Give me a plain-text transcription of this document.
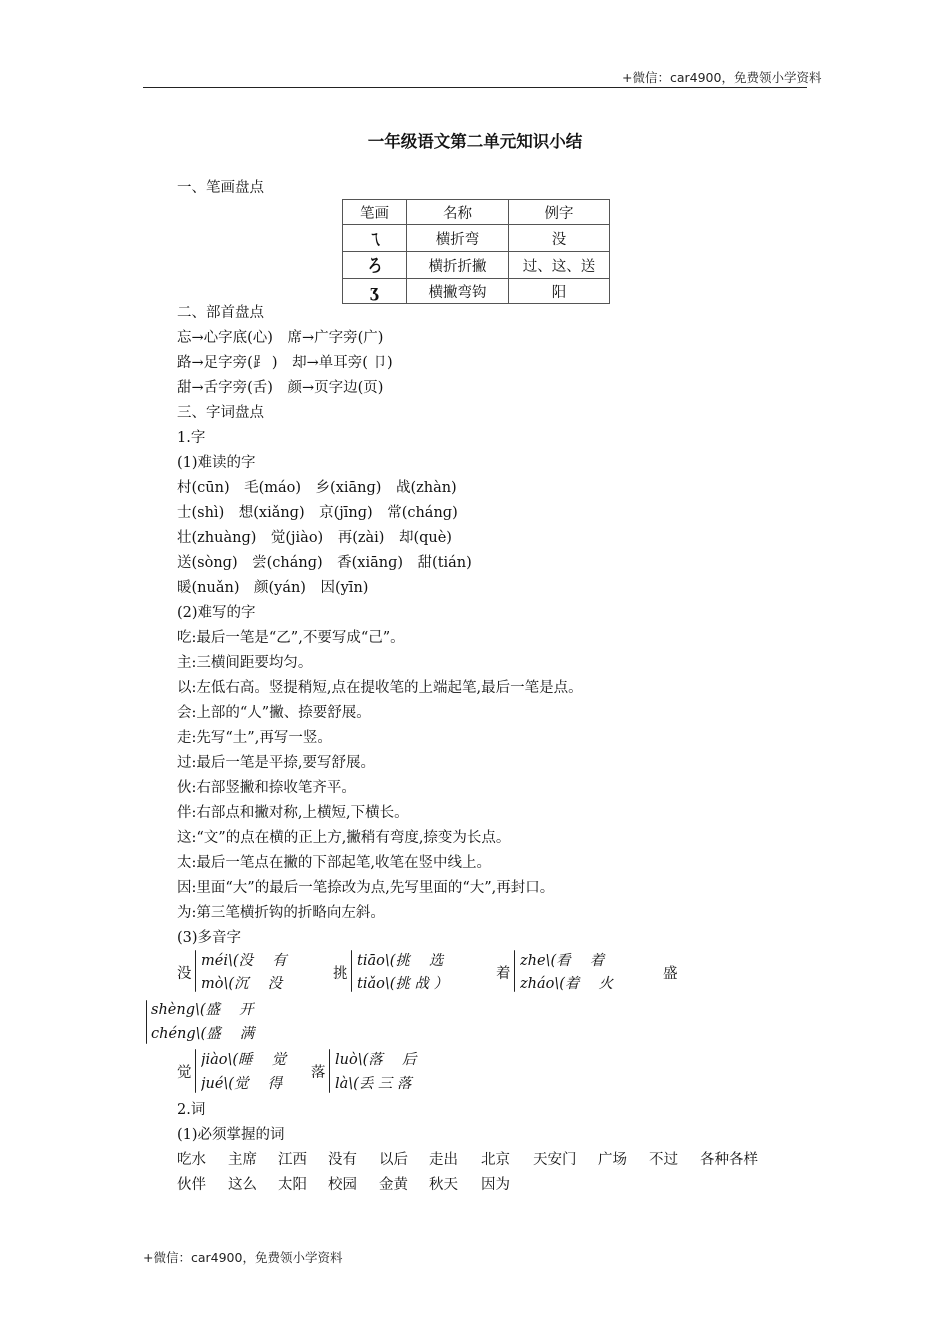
+微信：car4900，免费领小学资料
一年级语文第二单元知识小结
一、笔画盘点
笔画	名称	例字
ㄟ	横折弯	没
ろ	横折折撇	过、这、送
ʒ	横撇弯钩	阳
二、部首盘点
忘→心字底(心)　席→广字旁(广)
路→足字旁(⻊ )　却→单耳旁( 卩)
甜→舌字旁(舌)　颜→页字边(页)
三、字词盘点
1.字
(1)难读的字
村(cūn)　毛(máo)　乡(xiānɡ)　战(zhàn)
士(shì)　想(xiǎnɡ)　京(jīnɡ)　常(chánɡ)
壮(zhuànɡ)　觉(jiào)　再(zài)　却(què)
送(sònɡ)　尝(chánɡ)　香(xiānɡ)　甜(tián)
暖(nuǎn)　颜(yán)　因(yīn)
(2)难写的字
吃:最后一笔是“乙”,不要写成“己”。
主:三横间距要均匀。
以:左低右高。竖提稍短,点在提收笔的上端起笔,最后一笔是点。
会:上部的“人”撇、捺要舒展。
走:先写“土”,再写一竖。
过:最后一笔是平捺,要写舒展。
伙:右部竖撇和捺收笔齐平。
伴:右部点和撇对称,上横短,下横长。
这:“文”的点在横的正上方,撇稍有弯度,捺变为长点。
太:最后一笔点在撇的下部起笔,收笔在竖中线上。
因:里面“大”的最后一笔捺改为点,先写里面的“大”,再封口。
为:第三笔横折钩的折略向左斜。
(3)多音字
没
méi\(没　 有
mò\(沉　 没
挑
tiāo\(挑　 选
tiǎo\(挑 战 ）
着
zhe\(看　 着
zháo\(着　 火
盛
shèng\(盛　 开
chéng\(盛　 满
觉
jiào\(睡　 觉
jué\(觉　 得
落
luò\(落　 后
là\(丢 三 落
2.词
(1)必须掌握的词
吃水 主席 江西 没有 以后 走出 北京 天安门 广场 不过 各种各样
伙伴 这么 太阳 校园 金黄 秋天 因为
+微信：car4900，免费领小学资料
